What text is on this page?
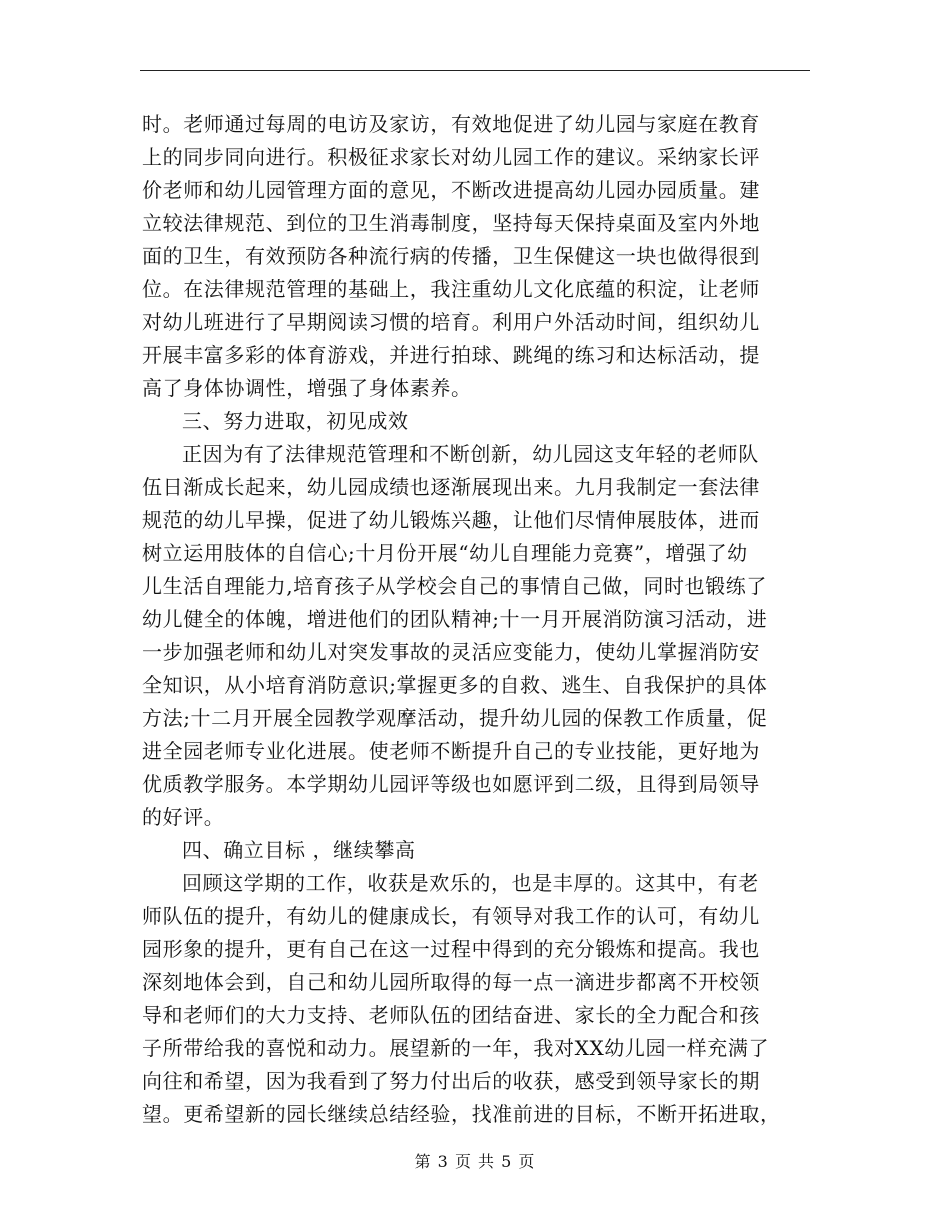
时。老师通过每周的电访及家访，有效地促进了幼儿园与家庭在教育
上的同步同向进行。积极征求家长对幼儿园工作的建议。采纳家长评
价老师和幼儿园管理方面的意见，不断改进提高幼儿园办园质量。建
立较法律规范、到位的卫生消毒制度，坚持每天保持桌面及室内外地
面的卫生，有效预防各种流行病的传播，卫生保健这一块也做得很到
位。在法律规范管理的基础上，我注重幼儿文化底蕴的积淀，让老师
对幼儿班进行了早期阅读习惯的培育。利用户外活动时间，组织幼儿
开展丰富多彩的体育游戏，并进行拍球、跳绳的练习和达标活动，提
高了身体协调性，增强了身体素养。
三、努力进取，初见成效
正因为有了法律规范管理和不断创新，幼儿园这支年轻的老师队
伍日渐成长起来，幼儿园成绩也逐渐展现出来。九月我制定一套法律
规范的幼儿早操，促进了幼儿锻炼兴趣，让他们尽情伸展肢体，进而
树立运用肢体的自信心;十月份开展“幼儿自理能力竞赛”，增强了幼
儿生活自理能力,培育孩子从学校会自己的事情自己做，同时也锻练了
幼儿健全的体魄，增进他们的团队精神;十一月开展消防演习活动，进
一步加强老师和幼儿对突发事故的灵活应变能力，使幼儿掌握消防安
全知识，从小培育消防意识;掌握更多的自救、逃生、自我保护的具体
方法;十二月开展全园教学观摩活动，提升幼儿园的保教工作质量，促
进全园老师专业化进展。使老师不断提升自己的专业技能，更好地为
优质教学服务。本学期幼儿园评等级也如愿评到二级，且得到局领导
的好评。
四、确立目标 ，继续攀高
回顾这学期的工作，收获是欢乐的，也是丰厚的。这其中，有老
师队伍的提升，有幼儿的健康成长，有领导对我工作的认可，有幼儿
园形象的提升，更有自己在这一过程中得到的充分锻炼和提高。我也
深刻地体会到，自己和幼儿园所取得的每一点一滴进步都离不开校领
导和老师们的大力支持、老师队伍的团结奋进、家长的全力配合和孩
子所带给我的喜悦和动力。展望新的一年，我对XX幼儿园一样充满了
向往和希望，因为我看到了努力付出后的收获，感受到领导家长的期
望。更希望新的园长继续总结经验，找准前进的目标，不断开拓进取，
第 3 页 共 5 页
